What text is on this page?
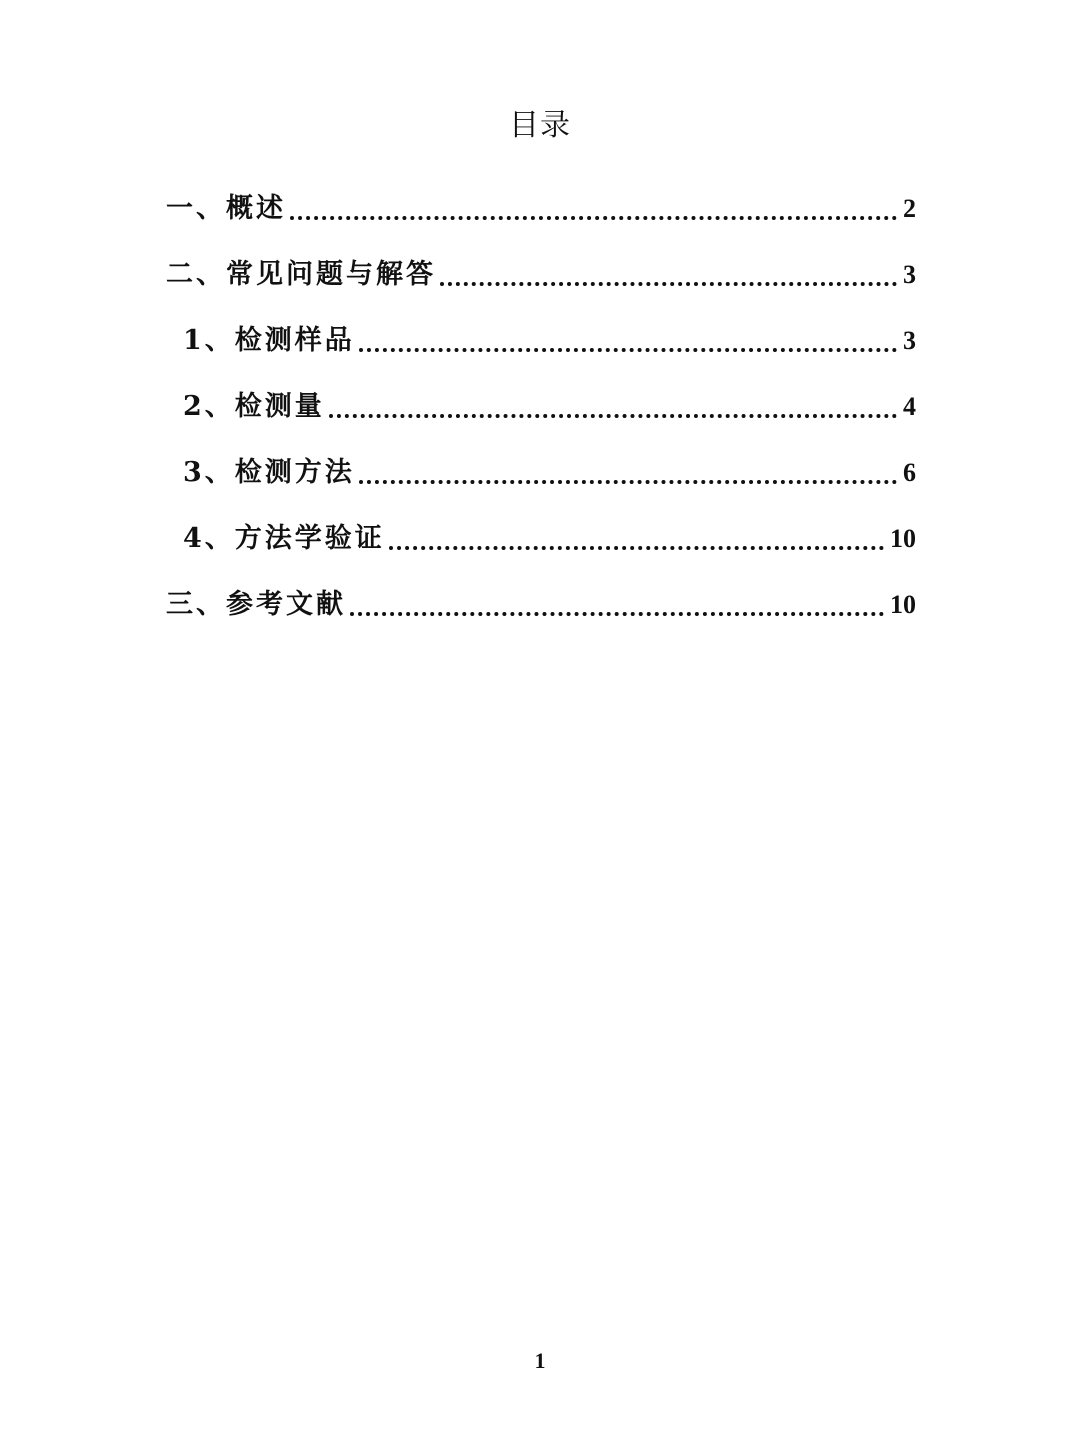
目录
一、概述	2
二、常见问题与解答	3
1、检测样品	3
2、检测量	4
3、检测方法	6
4、方法学验证	10
三、参考文献	10
1
